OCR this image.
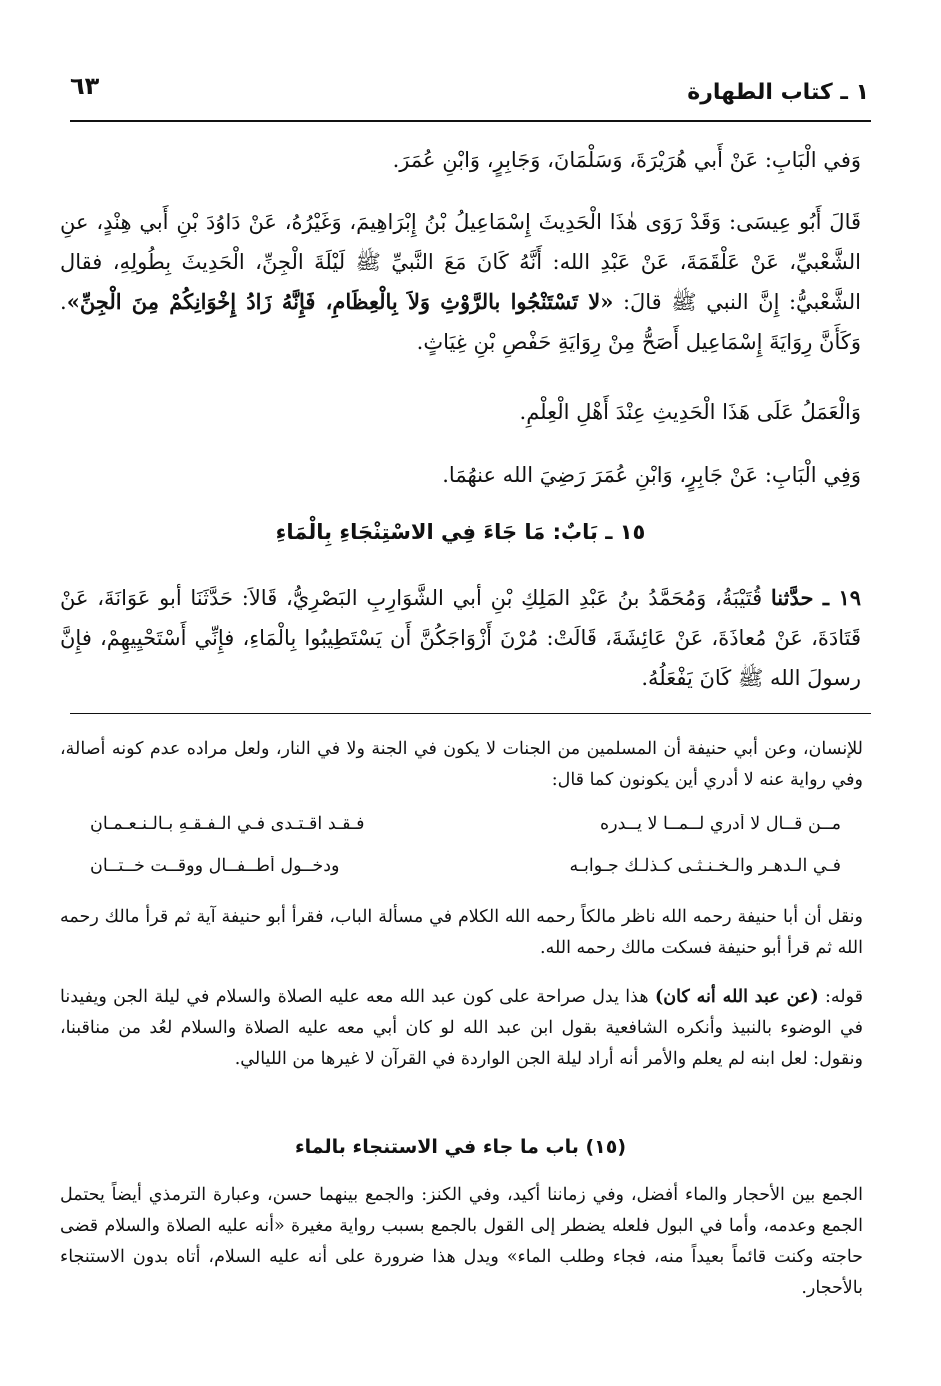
١ ـ كتاب الطهارة
٦٣
وَفي الْبَابِ: عَنْ أَبي هُرَيْرَةَ، وَسَلْمَانَ، وَجَابِرٍ، وَابْنِ عُمَرَ.
قَالَ أَبُو عِيسَى: وَقَدْ رَوَى هٰذَا الْحَدِيثَ إِسْمَاعِيلُ بْنُ إِبْرَاهِيمَ، وَغَيْرُهُ، عَنْ دَاوُدَ بْنِ أَبي هِنْدٍ، عنِ الشَّعْبيِّ، عَنْ عَلْقَمَةَ، عَنْ عَبْدِ الله: أَنَّهُ كَانَ مَعَ النَّبيِّ ﷺ لَيْلَةَ الْجِنِّ، الْحَدِيثَ بِطُولِهِ، فقال الشَّعْبيُّ: إِنَّ النبي ﷺ قالَ: «لا تَسْتَنْجُوا بالرَّوْثِ وَلاَ بِالْعِظَامِ، فَإِنَّهُ زَادُ إِخْوَانِكُمْ مِنَ الْجِنِّ». وَكَأَنَّ رِوَايَةَ إِسْمَاعِيل أَصَحُّ مِنْ رِوَايَةِ حَفْصِ بْنِ غِيَاثٍ.
وَالْعَمَلُ عَلَى هَذَا الْحَدِيثِ عِنْدَ أَهْلِ الْعِلْمِ.
وَفِي الْبَابِ: عَنْ جَابِرٍ، وَابْنِ عُمَرَ رَضِيَ الله عنهُمَا.
١٥ ـ بَابٌ: مَا جَاءَ فِي الاسْتِنْجَاءِ بِالْمَاءِ
١٩ ـ حدَّثنا قُتَيْبَةُ، وَمُحَمَّدُ بنُ عَبْدِ المَلِكِ بْنِ أبي الشَّوَارِبِ البَصْرِيُّ، قَالاَ: حَدَّثَنَا أبو عَوَانَةَ، عَنْ قَتَادَةَ، عَنْ مُعاذَةَ، عَنْ عَائِشَةَ، قَالَتْ: مُرْنَ أَزْوَاجَكُنَّ أَن يَسْتَطِيبُوا بِالْمَاءِ، فإِنِّي أَسْتَحْيِيهِمْ، فإِنَّ رسولَ الله ﷺ كَانَ يَفْعَلُهُ.
للإنسان، وعن أبي حنيفة أن المسلمين من الجنات لا يكون في الجنة ولا في النار، ولعل مراده عدم كونه أصالة، وفي رواية عنه لا أدري أين يكونون كما قال:
مــن قــال لا أدري لــمــا لا يــدره
فـقـد اقـتـدى فـي الـفـقـهِ بـالـنـعـمـانِ
فـي الـدهـر والـخـنـثـى كـذلـك جـوابـه
ودخــول أطــفــال ووقــت خــتــان
ونقل أن أبا حنيفة رحمه الله ناظر مالكاً رحمه الله الكلام في مسألة الباب، فقرأ أبو حنيفة آية ثم قرأ مالك رحمه الله ثم قرأ أبو حنيفة فسكت مالك رحمه الله.
قوله: (عن عبد الله أنه كان) هذا يدل صراحة على كون عبد الله معه عليه الصلاة والسلام في ليلة الجن ويفيدنا في الوضوء بالنبيذ وأنكره الشافعية بقول ابن عبد الله لو كان أبي معه عليه الصلاة والسلام لعُد من مناقبنا، ونقول: لعل ابنه لم يعلم والأمر أنه أراد ليلة الجن الواردة في القرآن لا غيرها من الليالي.
(١٥) باب ما جاء في الاستنجاء بالماء
الجمع بين الأحجار والماء أفضل، وفي زماننا أكيد، وفي الكنز: والجمع بينهما حسن، وعبارة الترمذي أيضاً يحتمل الجمع وعدمه، وأما في البول فلعله يضطر إلى القول بالجمع بسبب رواية مغيرة «أنه عليه الصلاة والسلام قضى حاجته وكنت قائماً بعيداً منه، فجاء وطلب الماء» ويدل هذا ضرورة على أنه عليه السلام، أتاه بدون الاستنجاء بالأحجار.
